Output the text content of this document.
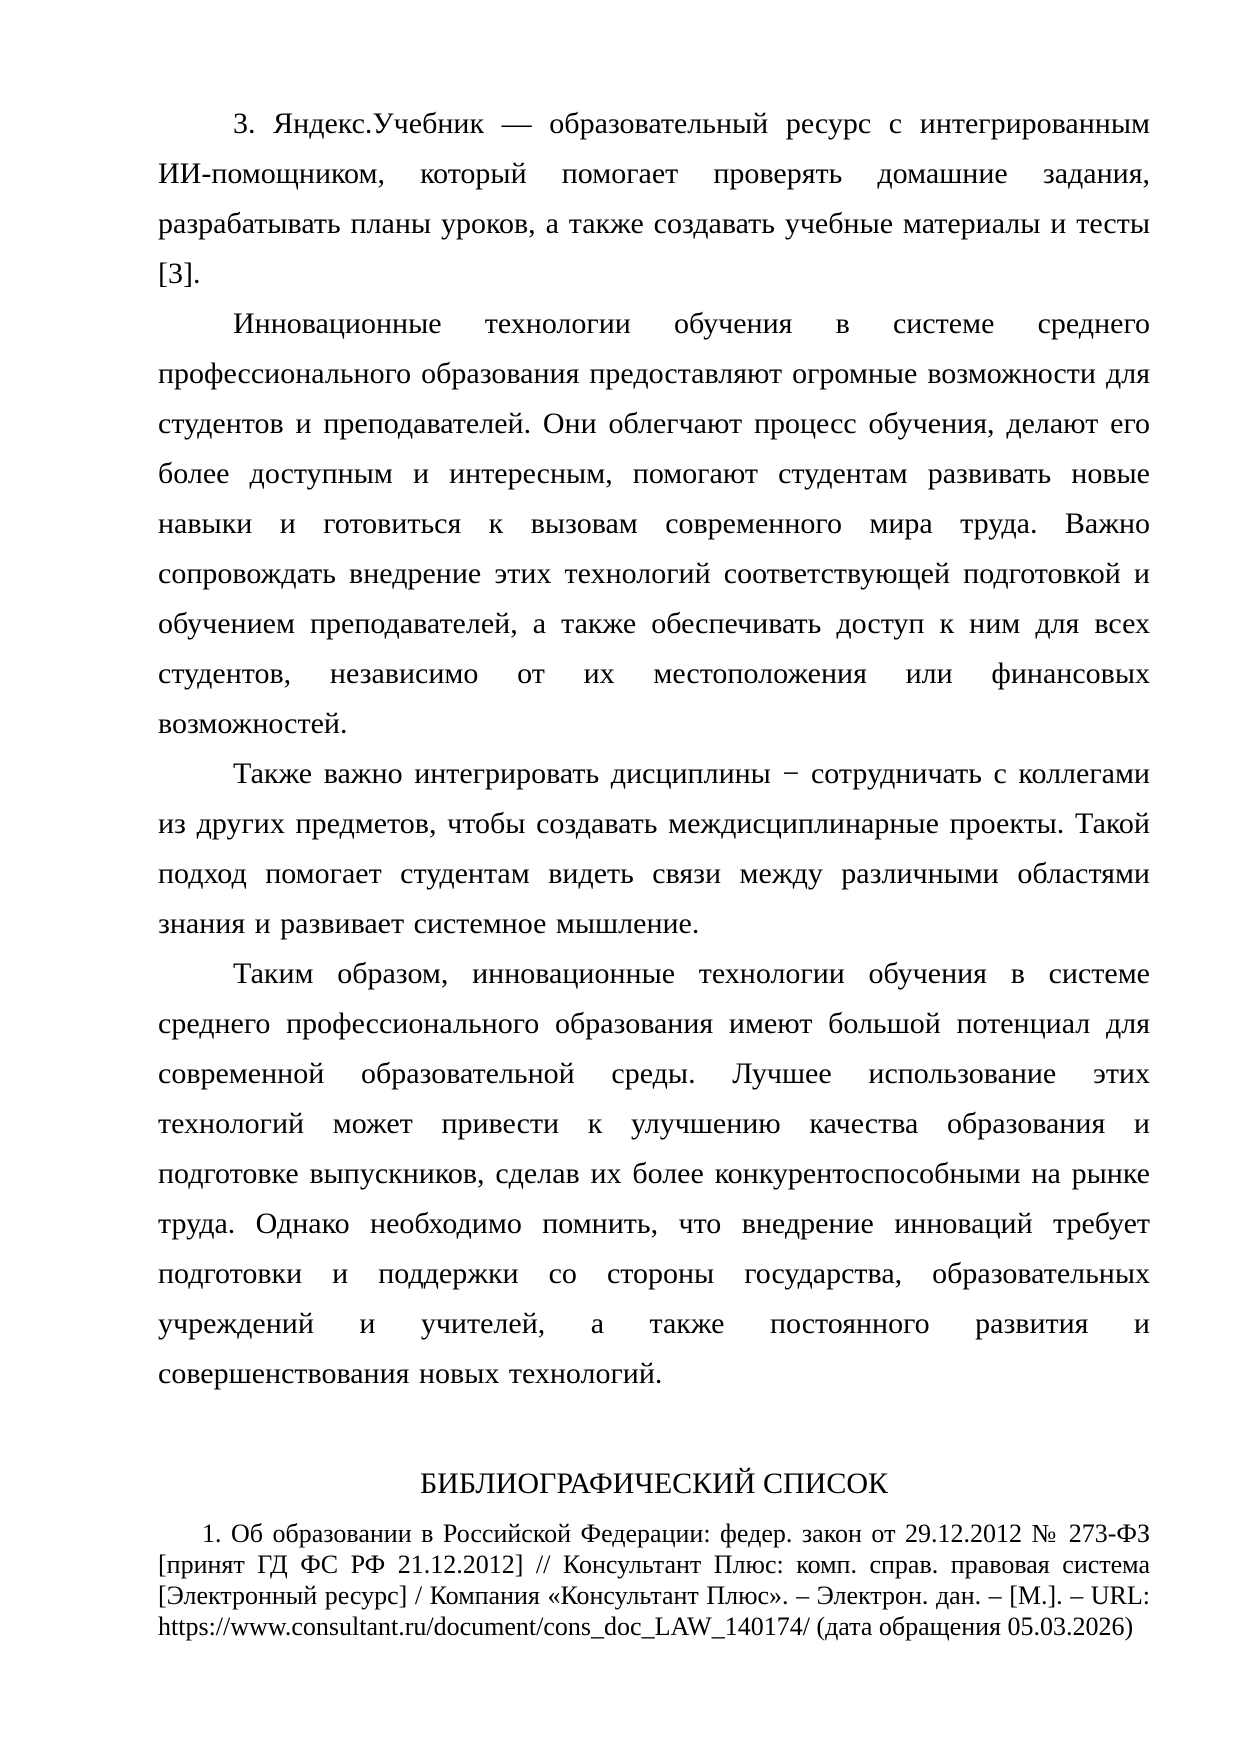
3. Яндекс.Учебник — образовательный ресурс с интегрированным ИИ-помощником, который помогает проверять домашние задания, разрабатывать планы уроков, а также создавать учебные материалы и тесты [3].

Инновационные технологии обучения в системе среднего профессионального образования предоставляют огромные возможности для студентов и преподавателей. Они облегчают процесс обучения, делают его более доступным и интересным, помогают студентам развивать новые навыки и готовиться к вызовам современного мира труда. Важно сопровождать внедрение этих технологий соответствующей подготовкой и обучением преподавателей, а также обеспечивать доступ к ним для всех студентов, независимо от их местоположения или финансовых возможностей.

Также важно интегрировать дисциплины − сотрудничать с коллегами из других предметов, чтобы создавать междисциплинарные проекты. Такой подход помогает студентам видеть связи между различными областями знания и развивает системное мышление.

Таким образом, инновационные технологии обучения в системе среднего профессионального образования имеют большой потенциал для современной образовательной среды. Лучшее использование этих технологий может привести к улучшению качества образования и подготовке выпускников, сделав их более конкурентоспособными на рынке труда. Однако необходимо помнить, что внедрение инноваций требует подготовки и поддержки со стороны государства, образовательных учреждений и учителей, а также постоянного развития и совершенствования новых технологий.

БИБЛИОГРАФИЧЕСКИЙ СПИСОК

1. Об образовании в Российской Федерации: федер. закон от 29.12.2012 № 273-ФЗ [принят ГД ФС РФ 21.12.2012] // Консультант Плюс: комп. справ. правовая система [Электронный ресурс] / Компания «Консультант Плюс». – Электрон. дан. – [М.]. – URL: https://www.consultant.ru/document/cons_doc_LAW_140174/ (дата обращения 05.03.2026)
